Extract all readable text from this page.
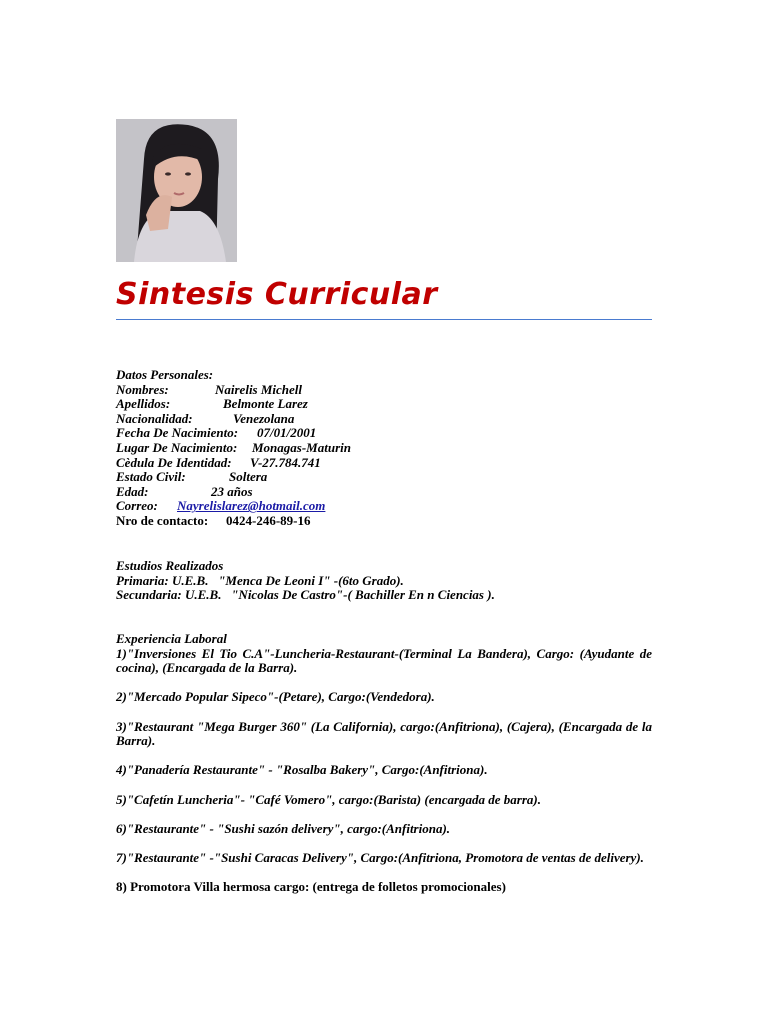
Sintesis Curricular
Datos Personales:
Nombres:	Nairelis Michell
Apellidos:	Belmonte Larez
Nacionalidad:	Venezolana
Fecha De Nacimiento: 07/01/2001
Lugar De Nacimiento: Monagas-Maturin
Cèdula De Identidad: V-27.784.741
Estado Civil:	Soltera
Edad:	23 años
Correo: Nayrelislarez@hotmail.com
Nro de contacto: 0424-246-89-16
Estudios Realizados
Primaria: U.E.B.   "Menca De Leoni I" -(6to Grado).
Secundaria: U.E.B.   "Nicolas De Castro"-( Bachiller En n Ciencias ).
Experiencia Laboral

1)"Inversiones El Tio C.A"-Luncheria-Restaurant-(Terminal La Bandera), Cargo: (Ayudante de cocina), (Encargada de la Barra).

2)"Mercado Popular Sipeco"-(Petare), Cargo:(Vendedora).

3)"Restaurant "Mega Burger 360" (La California), cargo:(Anfitriona), (Cajera), (Encargada de la Barra).

4)"Panadería Restaurante" - "Rosalba Bakery", Cargo:(Anfitriona).

5)"Cafetín Luncheria"- "Café Vomero", cargo:(Barista) (encargada de barra).

6)"Restaurante" - "Sushi sazón delivery", cargo:(Anfitriona).

7)"Restaurante" -"Sushi Caracas Delivery", Cargo:(Anfitriona, Promotora de ventas de delivery).

8) Promotora Villa hermosa cargo: (entrega de folletos promocionales)
